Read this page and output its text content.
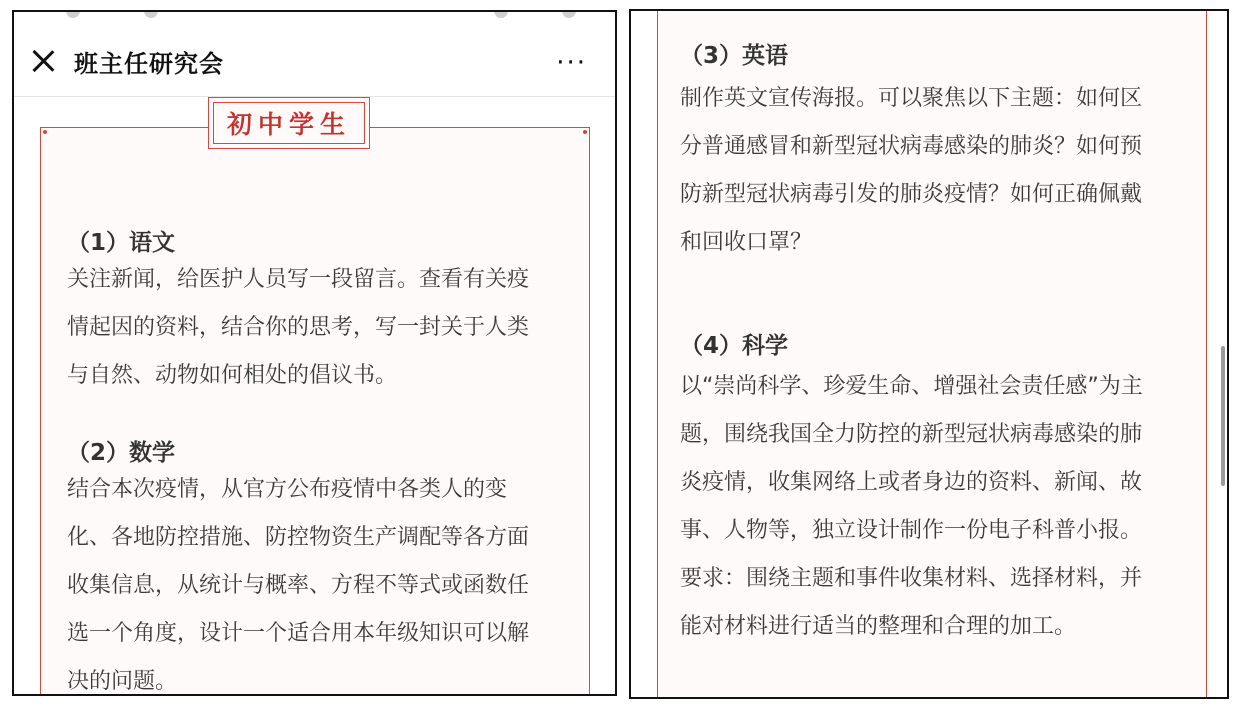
班主任研究会	···
（1）语文
关注新闻，给医护人员写一段留言。查看有关疫
情起因的资料，结合你的思考，写一封关于人类
与自然、动物如何相处的倡议书。
（2）数学
结合本次疫情，从官方公布疫情中各类人的变
化、各地防控措施、防控物资生产调配等各方面
收集信息，从统计与概率、方程不等式或函数任
选一个角度，设计一个适合用本年级知识可以解
决的问题。
初中学生
（3）英语
制作英文宣传海报。可以聚焦以下主题：如何区
分普通感冒和新型冠状病毒感染的肺炎？如何预
防新型冠状病毒引发的肺炎疫情？如何正确佩戴
和回收口罩？
（4）科学
以“崇尚科学、珍爱生命、增强社会责任感”为主
题，围绕我国全力防控的新型冠状病毒感染的肺
炎疫情，收集网络上或者身边的资料、新闻、故
事、人物等，独立设计制作一份电子科普小报。
要求：围绕主题和事件收集材料、选择材料，并
能对材料进行适当的整理和合理的加工。
